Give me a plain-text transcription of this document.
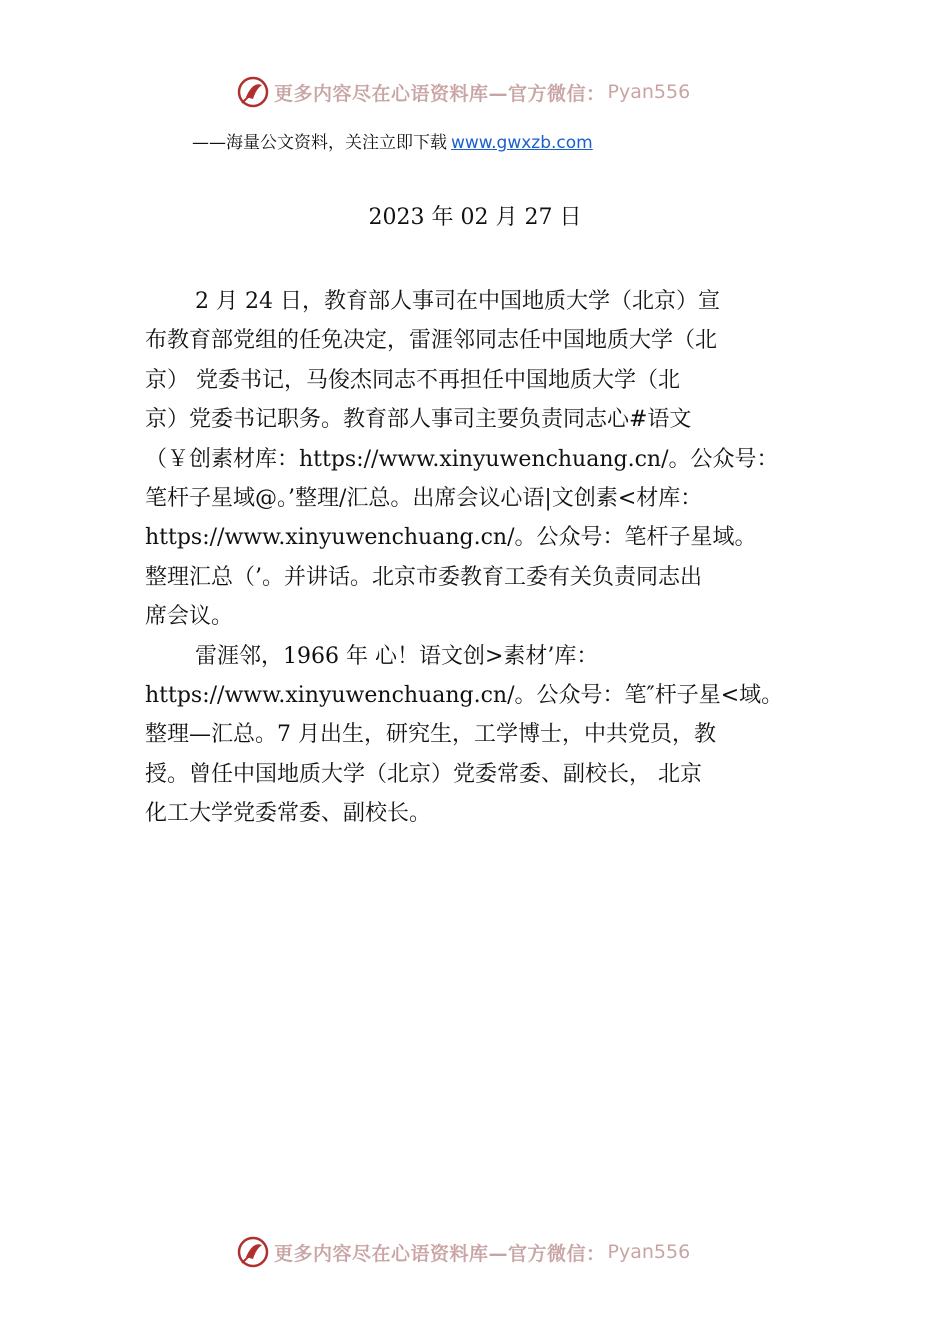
更多内容尽在心语资料库—官方微信： Pyan556
——海量公文资料，关注立即下载 www.gwxzb.com
2023 年 02 月 27 日
2 月 24 日，教育部人事司在中国地质大学（北京）宣
布教育部党组的任免决定，雷涯邻同志任中国地质大学（北
京） 党委书记，马俊杰同志不再担任中国地质大学（北
京）党委书记职务。教育部人事司主要负责同志心#语文
（￥创素材库：https://www.xinyuwenchuang.cn/。公众号：
笔杆子星域@。’整理/汇总。出席会议心语|文创素<材库：
https://www.xinyuwenchuang.cn/。公众号：笔杆子星域。
整理汇总（’。并讲话。北京市委教育工委有关负责同志出
席会议。
雷涯邻，1966 年 心！语文创>素材’库：
https://www.xinyuwenchuang.cn/。公众号：笔″杆子星<域。
整理—汇总。7 月出生，研究生，工学博士，中共党员，教
授。曾任中国地质大学（北京）党委常委、副校长， 北京
化工大学党委常委、副校长。
更多内容尽在心语资料库—官方微信： Pyan556
